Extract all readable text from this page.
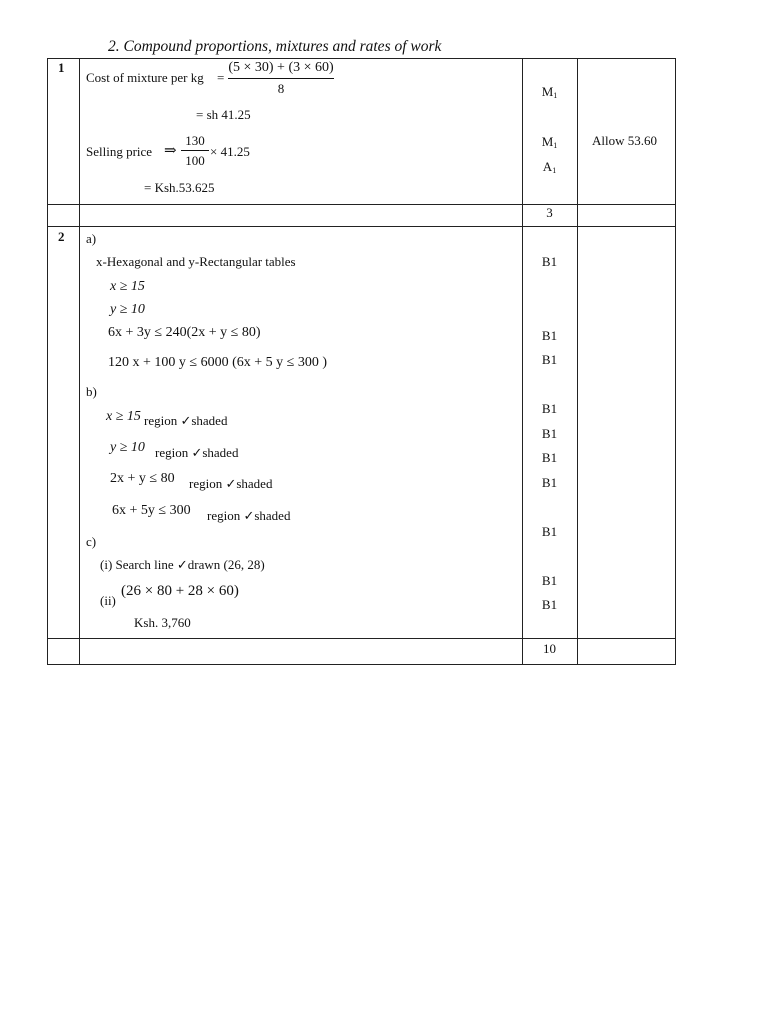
2. Compound proportions, mixtures and rates of work
1
Cost of mixture per kg =
(5 × 30) + (3 × 60)
8
= sh 41.25
Selling price ⇒
130
100
× 41.25
= Ksh.53.625
$M_1$
$M_1$
$A_1$
Allow 53.60
3
2 a)
x-Hexagonal and y-Rectangular tables
x ≥ 15
y ≥ 10
6x + 3y ≤ 240(2x + y ≤ 80)
120 x + 100 y ≤ 6000 (6x + 5 y ≤ 300 )
b)
x ≥ 15 region ✓shaded
y ≥ 10 region ✓shaded
2x + y ≤ 80 region ✓shaded
6x + 5y ≤ 300 region ✓shaded
c)
(i) Search line ✓drawn (26, 28)
(ii)
(26 × 80 + 28 × 60)
Ksh. 3,760
B1
B1
B1
B1
B1
B1
B1
B1
B1
B1
10
